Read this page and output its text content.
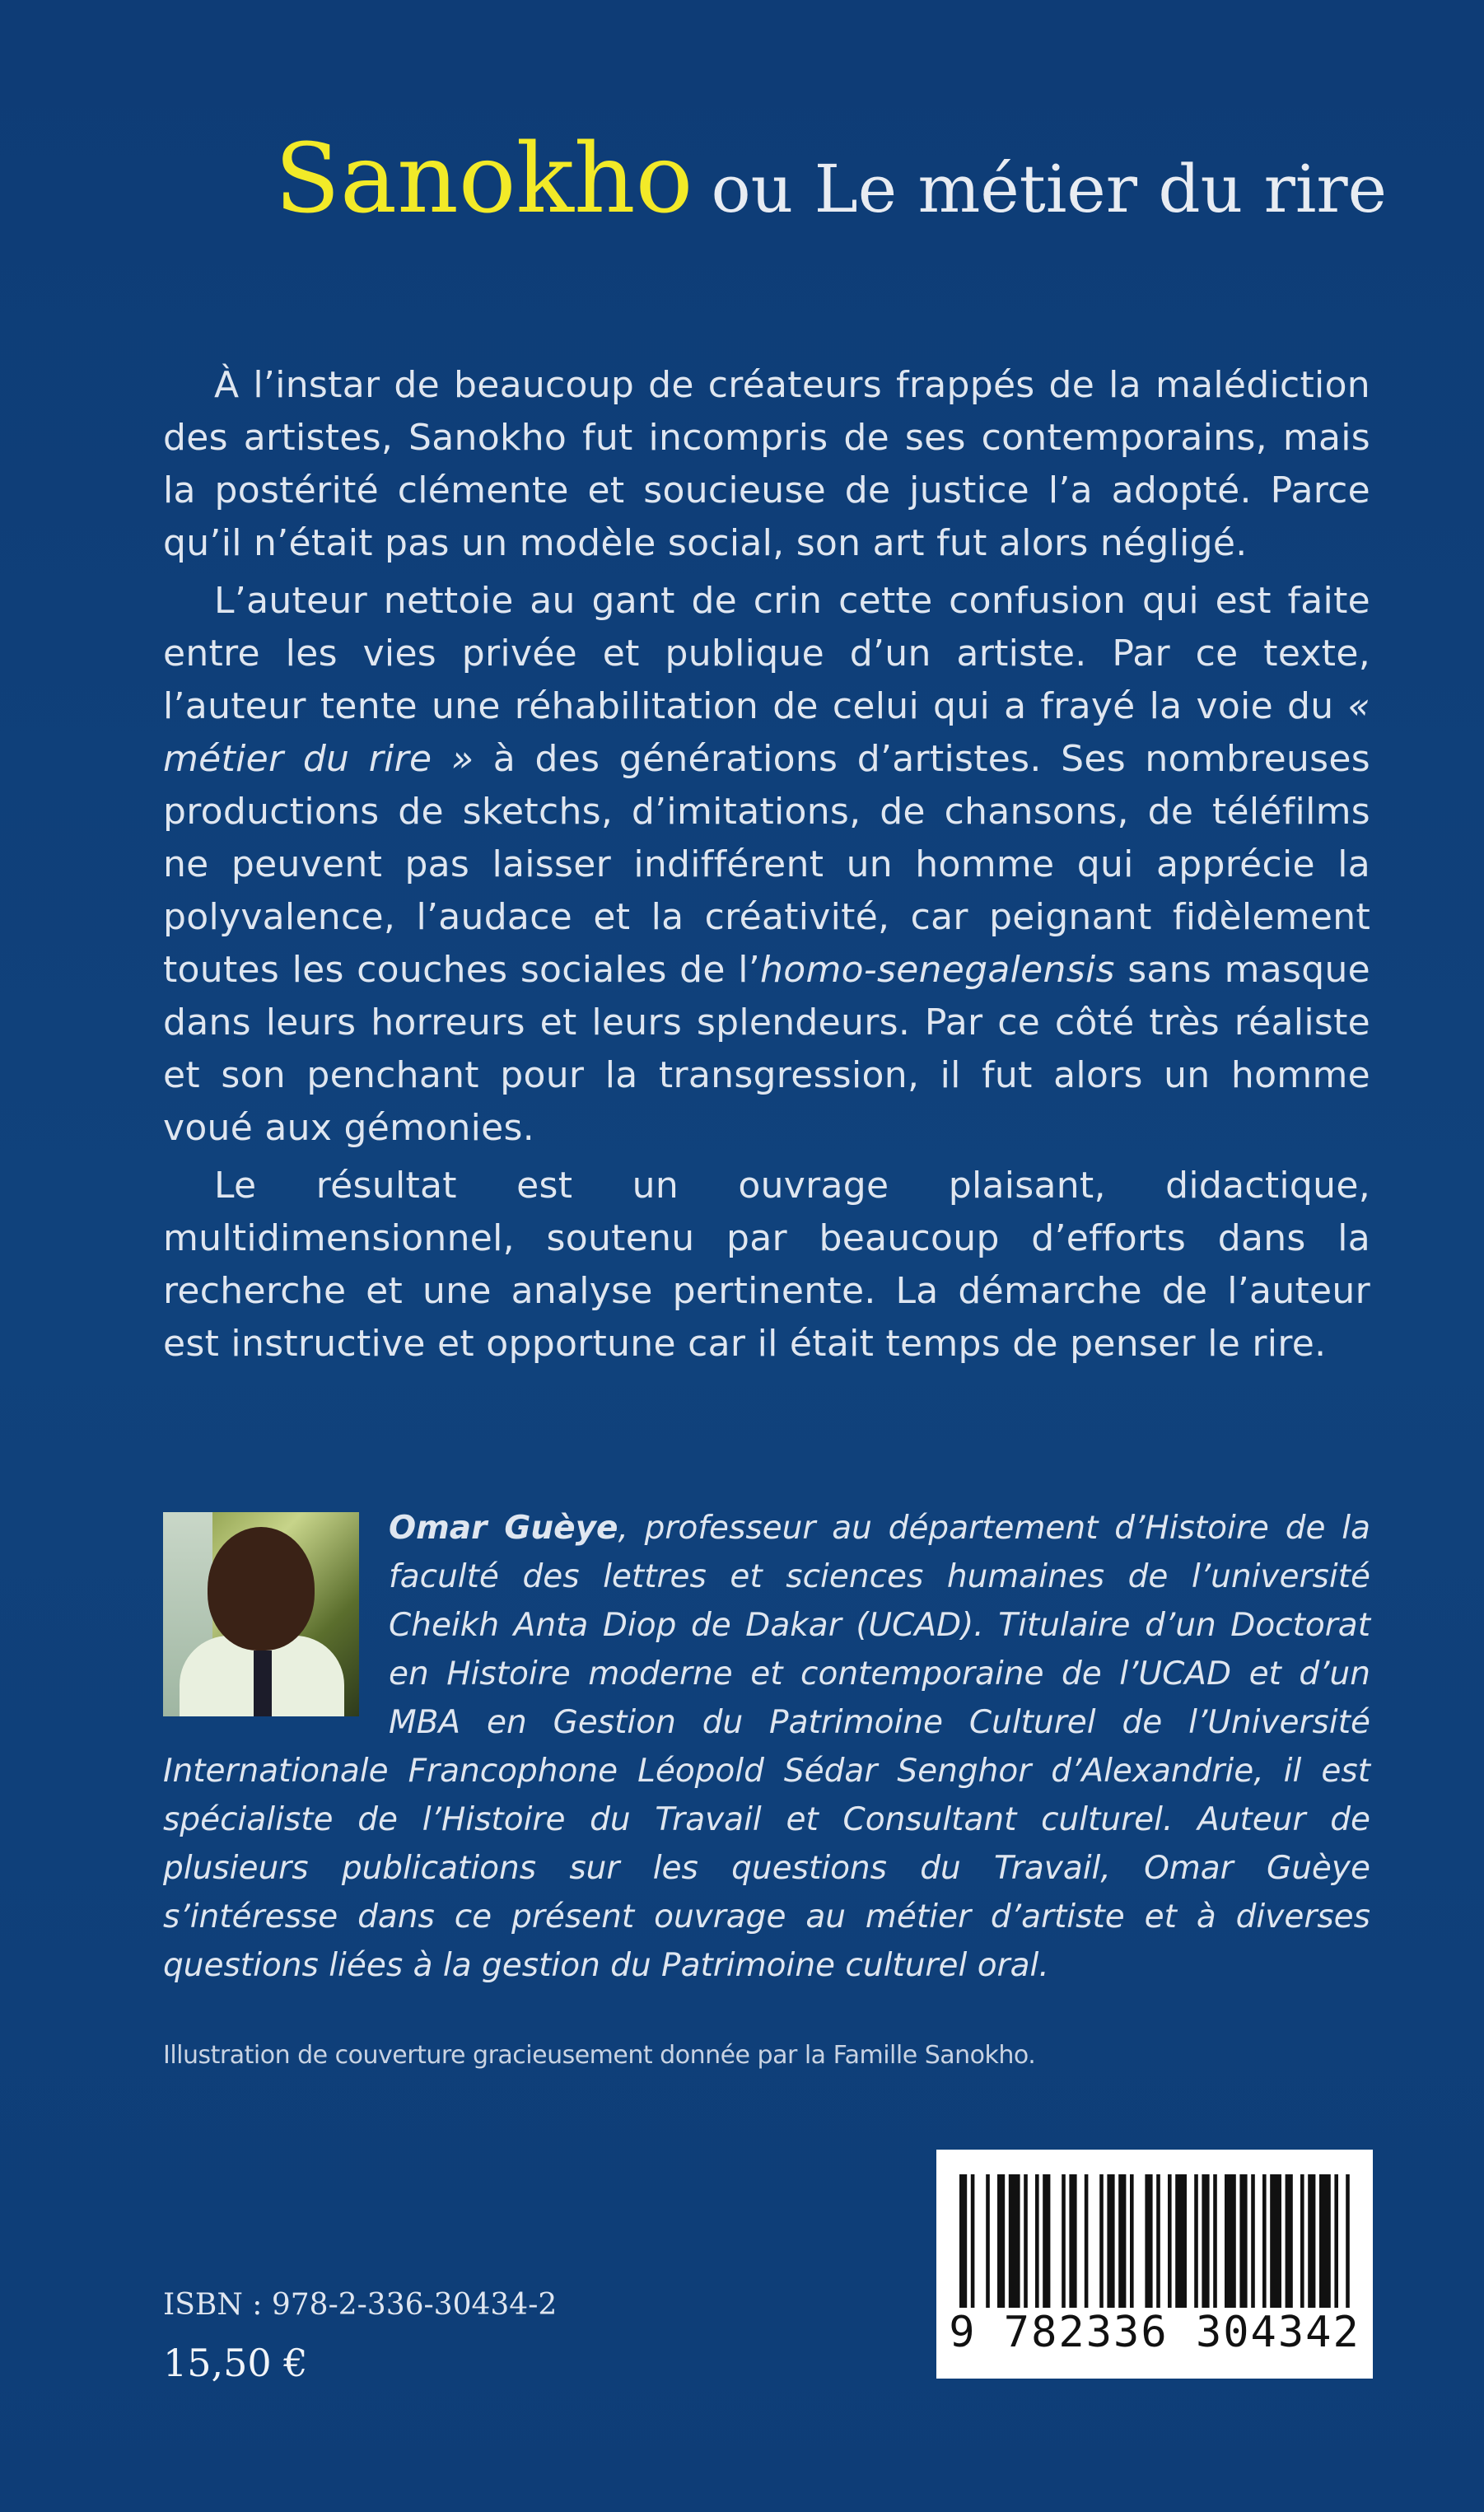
Sanokho ou Le métier du rire

À l’instar de beaucoup de créateurs frappés de la malédiction des artistes, Sanokho fut incompris de ses contemporains, mais la postérité clémente et soucieuse de justice l’a adopté. Parce qu’il n’était pas un modèle social, son art fut alors négligé.

L’auteur nettoie au gant de crin cette confusion qui est faite entre les vies privée et publique d’un artiste. Par ce texte, l’auteur tente une réhabilitation de celui qui a frayé la voie du « métier du rire » à des générations d’artistes. Ses nombreuses productions de sketchs, d’imitations, de chansons, de téléfilms ne peuvent pas laisser indifférent un homme qui apprécie la polyvalence, l’audace et la créativité, car peignant fidèlement toutes les couches sociales de l’homo-senegalensis sans masque dans leurs horreurs et leurs splendeurs. Par ce côté très réaliste et son penchant pour la transgression, il fut alors un homme voué aux gémonies.

Le résultat est un ouvrage plaisant, didactique, multidimensionnel, soutenu par beaucoup d’efforts dans la recherche et une analyse pertinente. La démarche de l’auteur est instructive et opportune car il était temps de penser le rire.

Omar Guèye, professeur au département d’Histoire de la faculté des lettres et sciences humaines de l’université Cheikh Anta Diop de Dakar (UCAD). Titulaire d’un Doctorat en Histoire moderne et contemporaine de l’UCAD et d’un MBA en Gestion du Patrimoine Culturel de l’Université Internationale Francophone Léopold Sédar Senghor d’Alexandrie, il est spécialiste de l’Histoire du Travail et Consultant culturel. Auteur de plusieurs publications sur les questions du Travail, Omar Guèye s’intéresse dans ce présent ouvrage au métier d’artiste et à diverses questions liées à la gestion du Patrimoine culturel oral.
Illustration de couverture gracieusement donnée par la Famille Sanokho.
ISBN : 978-2-336-30434-2
15,50 €
9 782336 304342
